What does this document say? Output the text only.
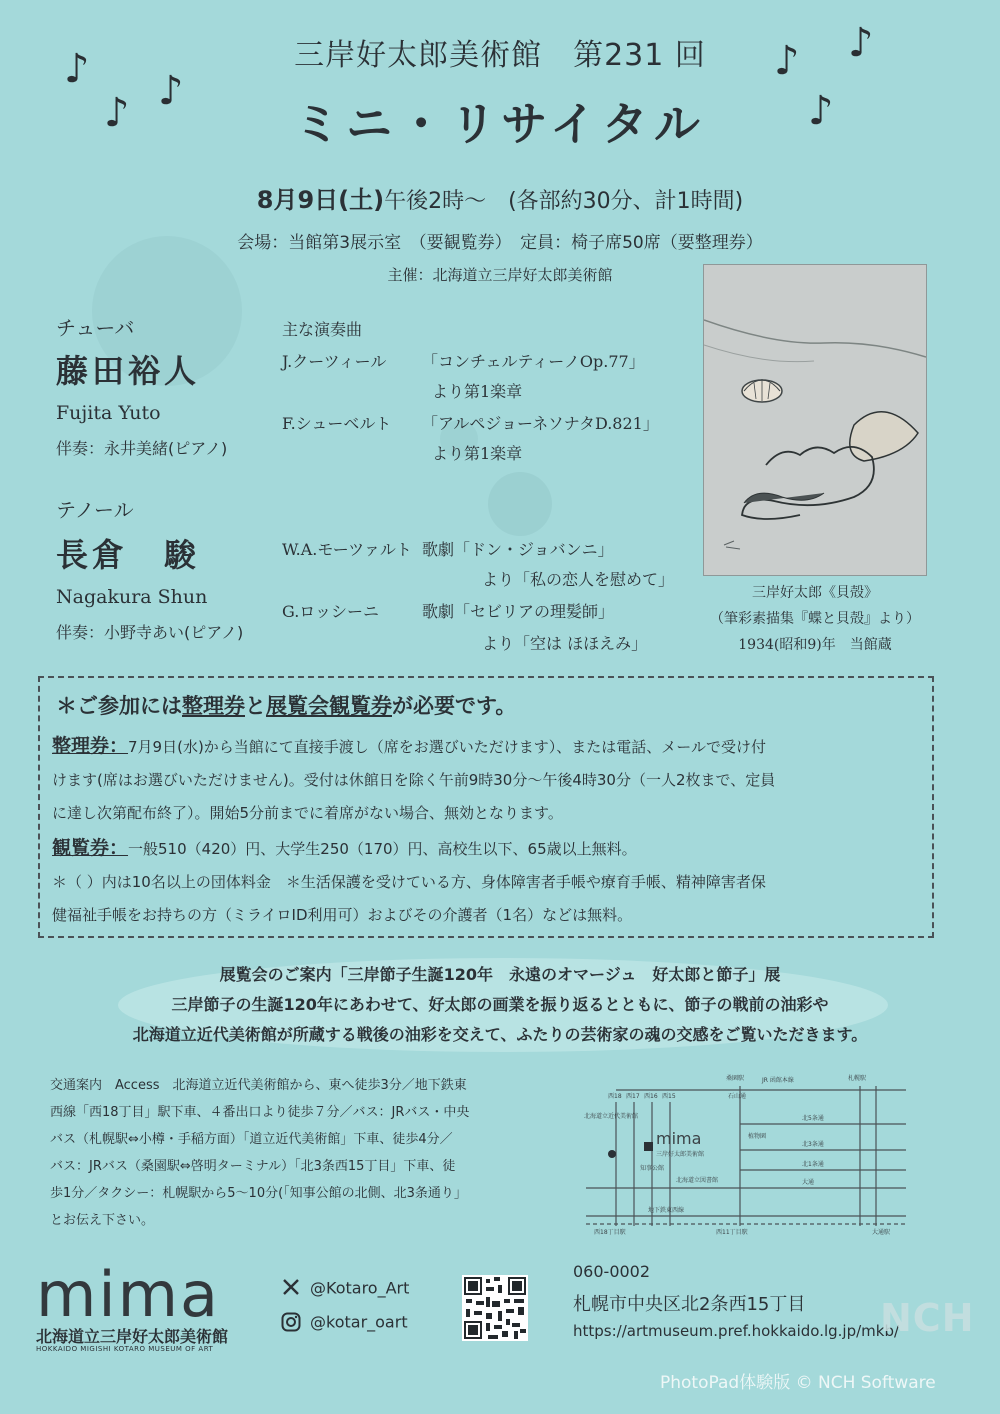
三岸好太郎美術館　第231 回
ミニ・リサイタル
♪
♪ ♪
♪ ♪
♪
8月9日(土)午後2時〜　(各部約30分、計1時間)
会場：当館第3展示室　（要観覧券）　定員：椅子席50席（要整理券）
主催：北海道立三岸好太郎美術館
チューバ
藤田裕人
Fujita Yuto
伴奏：永井美緒(ピアノ)
主な演奏曲
J.クーツィール 「コンチェルティーノOp.77」
より第1楽章
F.シューベルト 「アルペジョーネソナタD.821」
より第1楽章
テノール
長倉　駿
Nagakura Shun
伴奏：小野寺あい(ピアノ)
W.A.モーツァルト 歌劇「ドン・ジョバンニ」
より「私の恋人を慰めて」
G.ロッシーニ	歌劇「セビリアの理髪師」
より「空は ほほえみ」
三岸好太郎《貝殻》
（筆彩素描集『蝶と貝殻』より）
1934(昭和9)年　当館蔵
＊ご参加には整理券と展覧会観覧券が必要です。
整理券：7月9日(水)から当館にて直接手渡し（席をお選びいただけます）、または電話、メールで受け付
けます(席はお選びいただけません)。受付は休館日を除く午前9時30分〜午後4時30分（一人2枚まで、定員
に達し次第配布終了）。開始5分前までに着席がない場合、無効となります。
観覧券：一般510（420）円、大学生250（170）円、高校生以下、65歳以上無料。
＊（ ）内は10名以上の団体料金　＊生活保護を受けている方、身体障害者手帳や療育手帳、精神障害者保
健福祉手帳をお持ちの方（ミライロID利用可）およびその介護者（1名）などは無料。
展覧会のご案内「三岸節子生誕120年　永遠のオマージュ　好太郎と節子」展
三岸節子の生誕120年にあわせて、好太郎の画業を振り返るとともに、節子の戦前の油彩や
北海道立近代美術館が所蔵する戦後の油彩を交えて、ふたりの芸術家の魂の交感をご覧いただきます。
交通案内　Access　北海道立近代美術館から、東へ徒歩3分／地下鉄東
西線「西18丁目」駅下車、４番出口より徒歩７分／バス：JRバス・中央
バス（札幌駅⇔小樽・手稲方面）「道立近代美術館」下車、徒歩4分／
バス：JRバス（桑園駅⇔啓明ターミナル）「北3条西15丁目」下車、徒
歩1分／タクシー：札幌駅から5〜10分(「知事公館の北側、北3条通り」
とお伝え下さい。
mima
三岸好太郎美術館
北海道立近代美術館
知事公館
北海道立図書館
植物園
JR 函館本線	札幌駅
桑園駅
北5条通
北3条通
北1条通
大通
西18丁目駅	西11丁目駅
地下鉄東西線
大通駅
西18 西17 西16 西15	石山通
mima
北海道立三岸好太郎美術館
HOKKAIDO MIGISHI KOTARO MUSEUM OF ART
@Kotaro_Art
@kotar_oart
060-0002
札幌市中央区北2条西15丁目
https://artmuseum.pref.hokkaido.lg.jp/mkb/
NCH
PhotoPad体験版 © NCH Software
